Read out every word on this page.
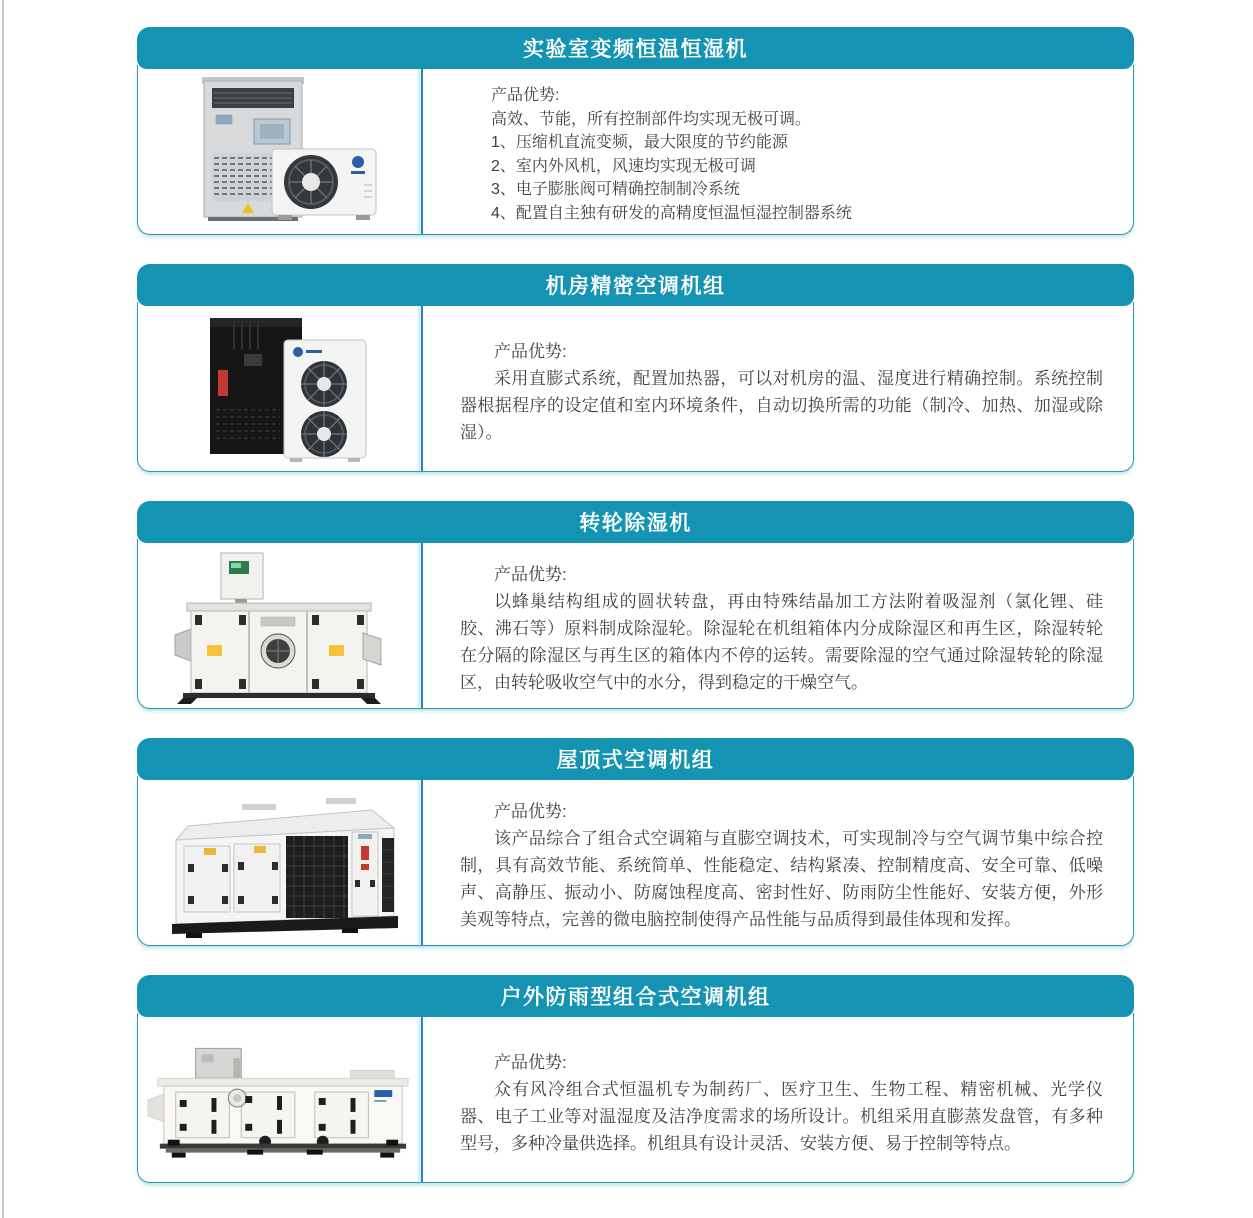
实验室变频恒温恒湿机
产品优势:
高效、节能，所有控制部件均实现无极可调。
1、压缩机直流变频，最大限度的节约能源
2、室内外风机，风速均实现无极可调
3、电子膨胀阀可精确控制制冷系统
4、配置自主独有研发的高精度恒温恒湿控制器系统
机房精密空调机组
产品优势:

采用直膨式系统，配置加热器，可以对机房的温、湿度进行精确控制。系统控制器根据程序的设定值和室内环境条件，自动切换所需的功能（制冷、加热、加湿或除湿）。

转轮除湿机
产品优势:

以蜂巢结构组成的圆状转盘，再由特殊结晶加工方法附着吸湿剂（氯化锂、硅胶、沸石等）原料制成除湿轮。除湿轮在机组箱体内分成除湿区和再生区，除湿转轮在分隔的除湿区与再生区的箱体内不停的运转。需要除湿的空气通过除湿转轮的除湿区，由转轮吸收空气中的水分，得到稳定的干燥空气。

屋顶式空调机组
产品优势:

该产品综合了组合式空调箱与直膨空调技术，可实现制冷与空气调节集中综合控制，具有高效节能、系统简单、性能稳定、结构紧凑、控制精度高、安全可靠、低噪声、高静压、振动小、防腐蚀程度高、密封性好、防雨防尘性能好、安装方便，外形美观等特点，完善的微电脑控制使得产品性能与品质得到最佳体现和发挥。

户外防雨型组合式空调机组
产品优势:

众有风冷组合式恒温机专为制药厂、医疗卫生、生物工程、精密机械、光学仪器、电子工业等对温湿度及洁净度需求的场所设计。机组采用直膨蒸发盘管，有多种型号，多种冷量供选择。机组具有设计灵活、安装方便、易于控制等特点。
